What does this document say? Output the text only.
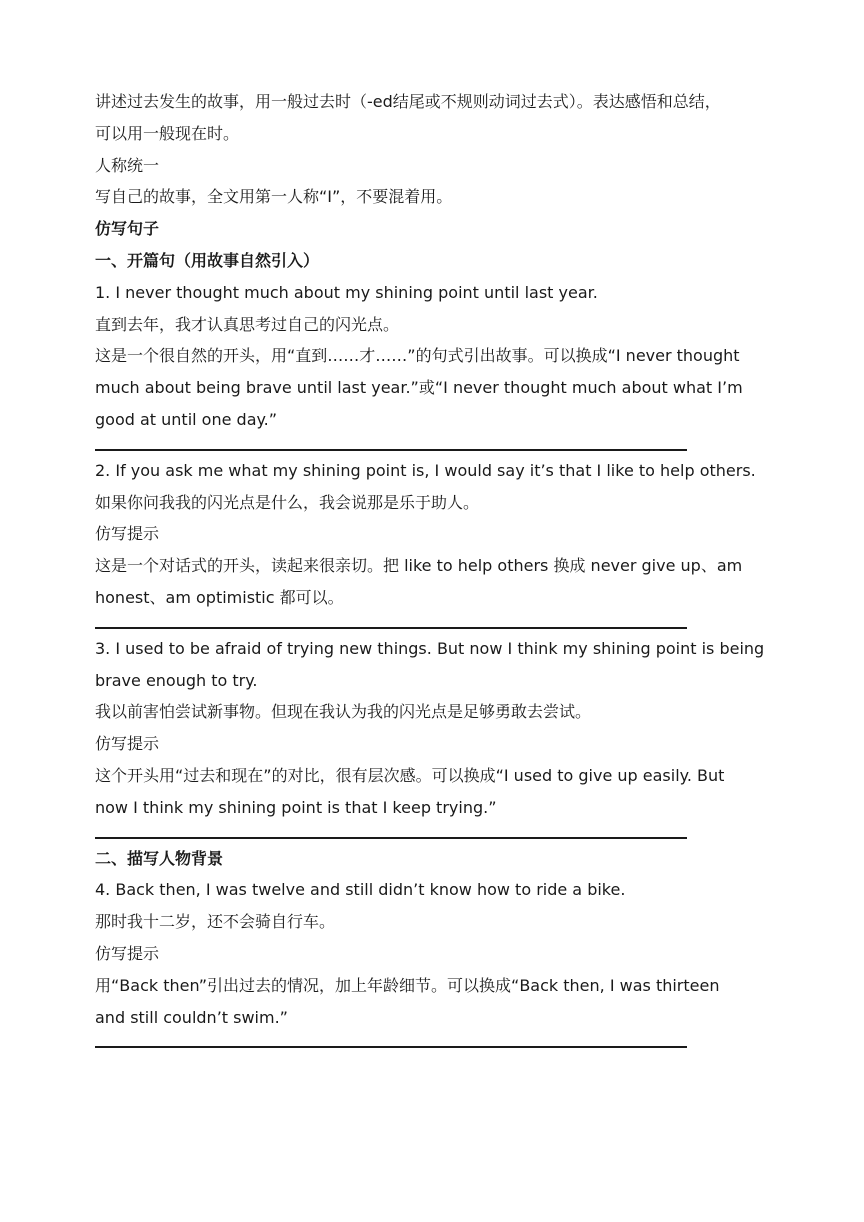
讲述过去发生的故事，用一般过去时（-ed结尾或不规则动词过去式）。表达感悟和总结，
可以用一般现在时。
人称统一
写自己的故事，全文用第一人称“I”，不要混着用。
仿写句子
一、开篇句（用故事自然引入）
1. I never thought much about my shining point until last year.
直到去年，我才认真思考过自己的闪光点。
这是一个很自然的开头，用“直到……才……”的句式引出故事。可以换成“I never thought
much about being brave until last year.”或“I never thought much about what I’m
good at until one day.”
2. If you ask me what my shining point is, I would say it’s that I like to help others.
如果你问我我的闪光点是什么，我会说那是乐于助人。
仿写提示
这是一个对话式的开头，读起来很亲切。把 like to help others 换成 never give up、am
honest、am optimistic 都可以。
3. I used to be afraid of trying new things. But now I think my shining point is being
brave enough to try.
我以前害怕尝试新事物。但现在我认为我的闪光点是足够勇敢去尝试。
仿写提示
这个开头用“过去和现在”的对比，很有层次感。可以换成“I used to give up easily. But
now I think my shining point is that I keep trying.”
二、描写人物背景
4. Back then, I was twelve and still didn’t know how to ride a bike.
那时我十二岁，还不会骑自行车。
仿写提示
用“Back then”引出过去的情况，加上年龄细节。可以换成“Back then, I was thirteen
and still couldn’t swim.”
